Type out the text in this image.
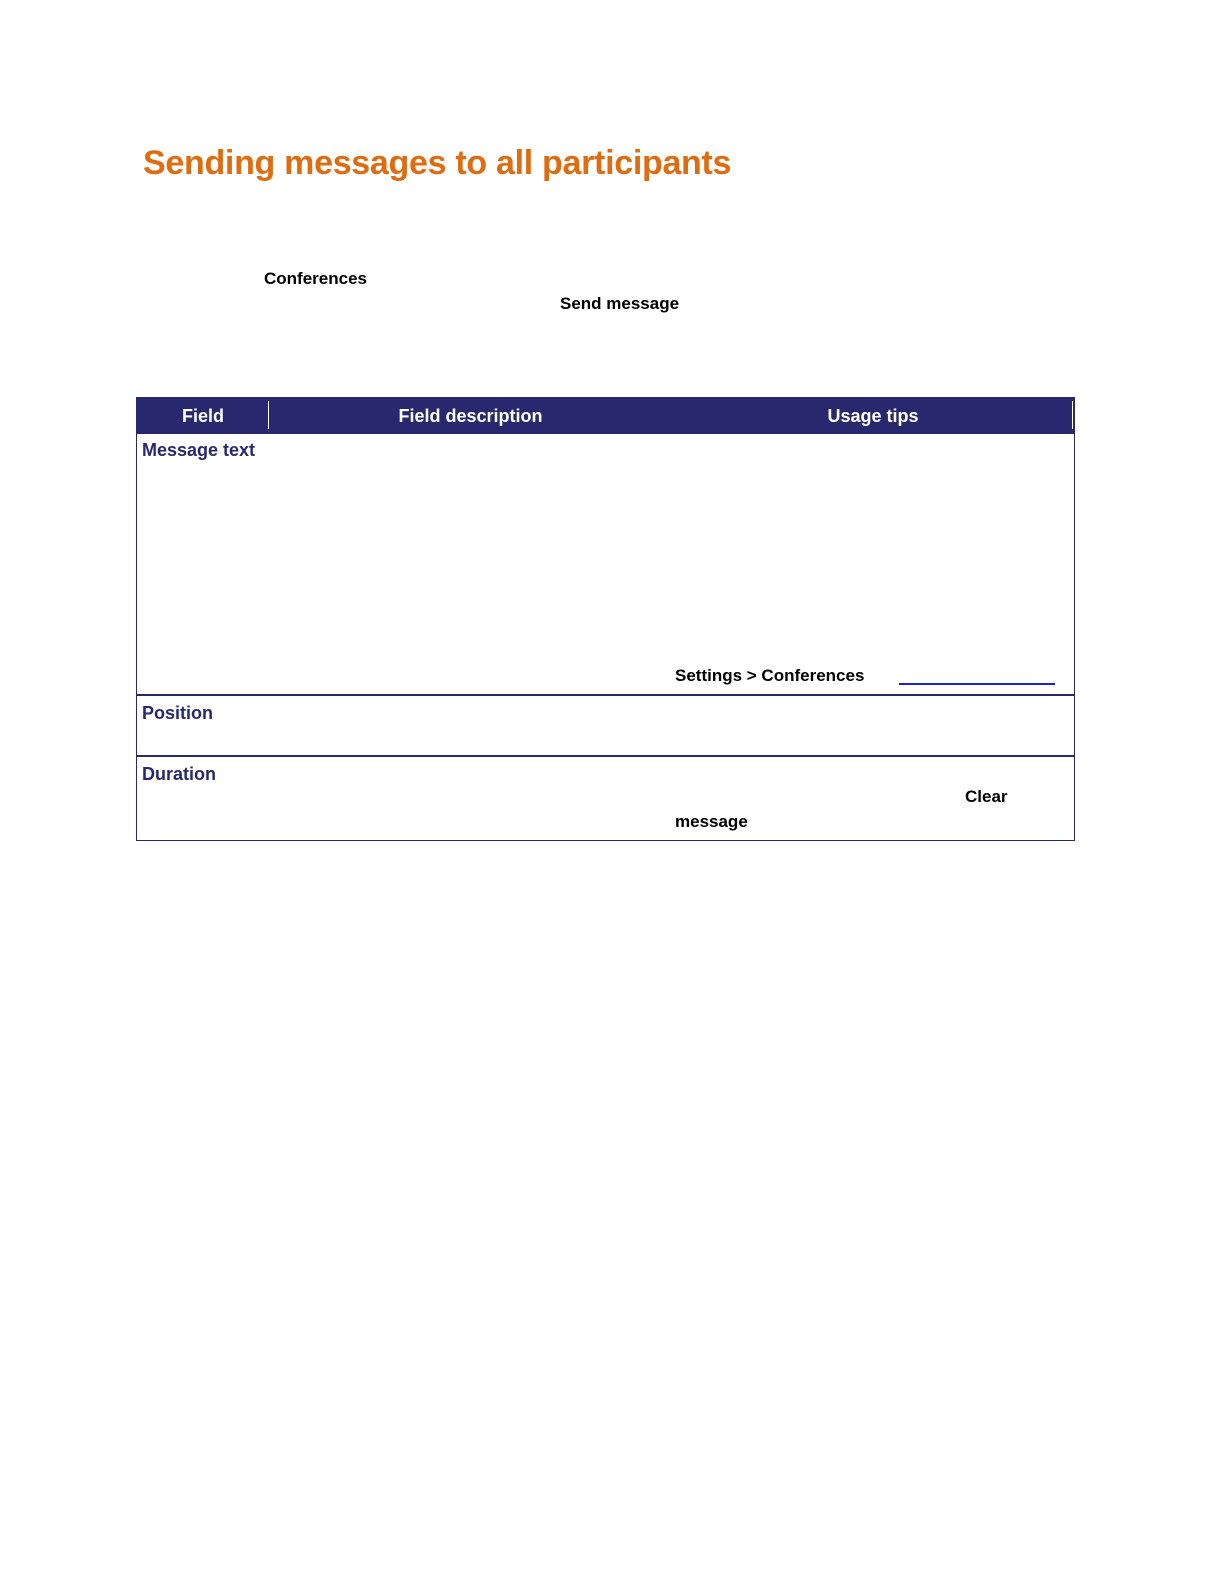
Sending messages to all participants
Conferences
Send message
Field	Field description	Usage tips
Message text
Settings > Conferences
Position
Duration
Clear
message
